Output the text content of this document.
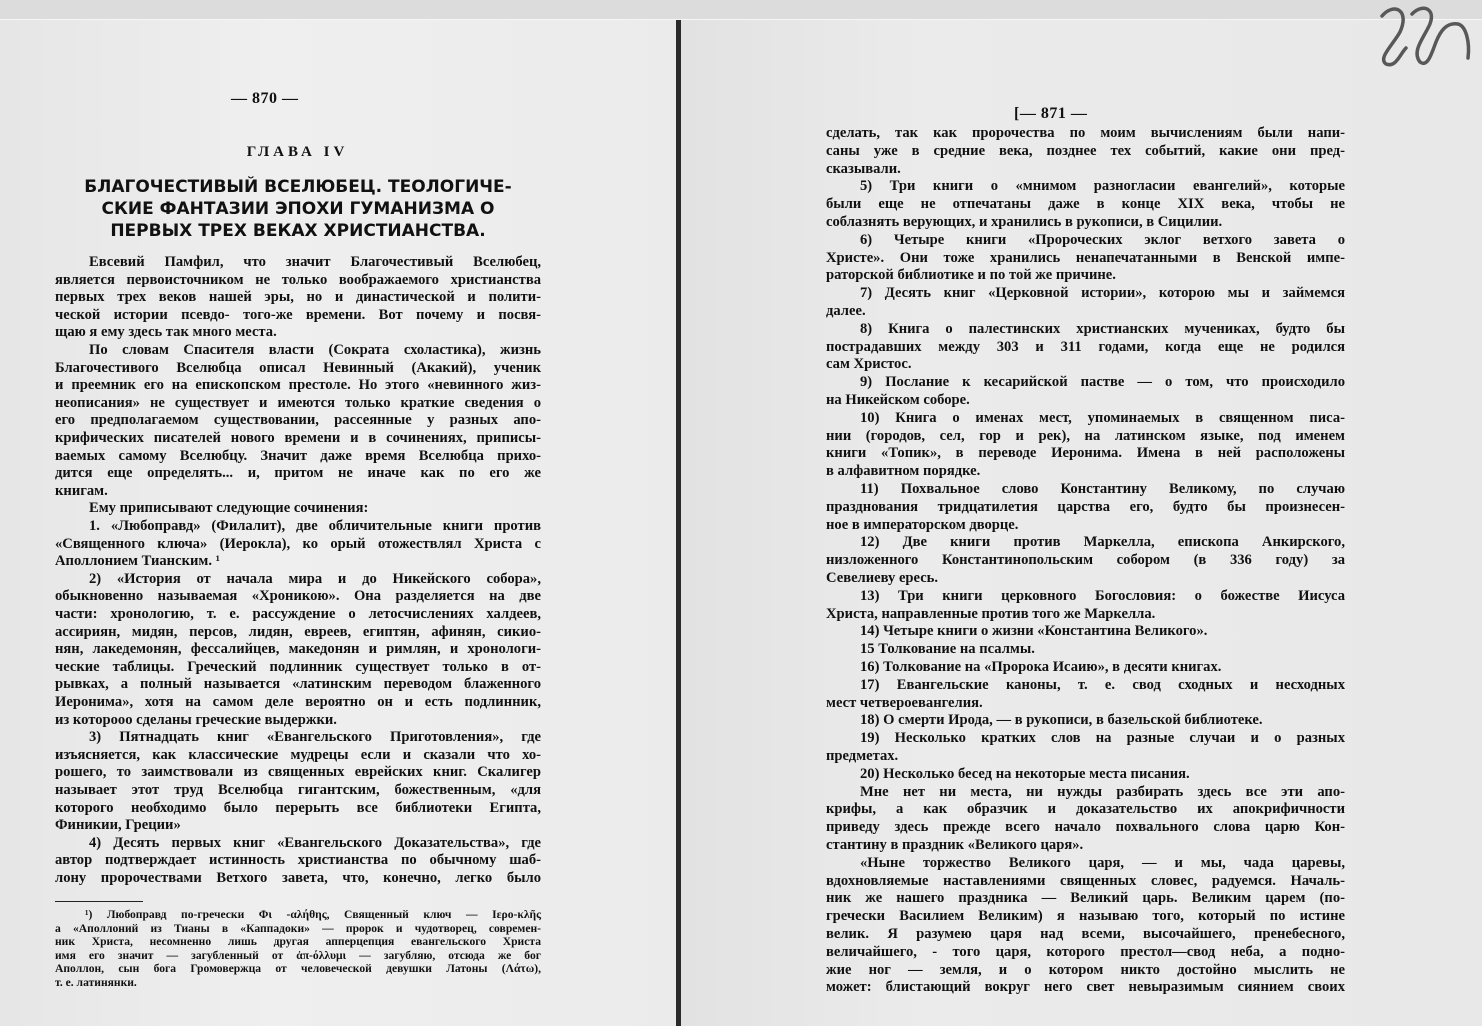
— 870 —
ГЛАВА IV
БЛАГОЧЕСТИВЫЙ ВСЕЛЮБЕЦ. ТЕОЛОГИЧЕ-
СКИЕ ФАНТАЗИИ ЭПОХИ ГУМАНИЗМА О
ПЕРВЫХ ТРЕХ ВЕКАХ ХРИСТИАНСТВА.
Евсевий Памфил, что значит Благочестивый Вселюбец,
является первоисточником не только воображаемого христианства
первых трех веков нашей эры, но и династической и полити-
ческой истории псевдо- того-же времени. Вот почему и посвя-
щаю я ему здесь так много места.
По словам Спасителя власти (Сократа схоластика), жизнь
Благочестивого Вселюбца описал Невинный (Акакий), ученик
и преемник его на епископском престоле. Но этого «невинного жиз-
неописания» не существует и имеются только краткие сведения о
его предполагаемом существовании, рассеянные у разных апо-
крифических писателей нового времени и в сочинениях, приписы-
ваемых самому Вселюбцу. Значит даже время Вселюбца прихо-
дится еще определять... и, притом не иначе как по его же
книгам.
Ему приписывают следующие сочинения:
1. «Любоправд» (Филалит), две обличительные книги против
«Священного ключа» (Иерокла), ко орый отожествлял Христа с
Аполлонием Тианским. ¹
2) «История от начала мира и до Никейского собора»,
обыкновенно называемая «Хроникою». Она разделяется на две
части: хронологию, т. е. рассуждение о летосчислениях халдеев,
ассириян, мидян, персов, лидян, евреев, египтян, афинян, сикио-
нян, лакедемонян, фессалийцев, македонян и римлян, и хронологи-
ческие таблицы. Греческий подлинник существует только в от-
рывках, а полный называется «латинским переводом блаженного
Иеронима», хотя на самом деле вероятно он и есть подлинник,
из котороoo сделаны греческие выдержки.
3) Пятнадцать книг «Евангельского Приготовления», где
изъясняется, как классические мудрецы если и сказали что хо-
рошего, то заимствовали из священных еврейских книг. Скалигер
называет этот труд Вселюбца гигантским, божественным, «для
которого необходимо было перерыть все библиотеки Египта,
Финикии, Греции»
4) Десять первых книг «Евангельского Доказательства», где
автор подтверждает истинность христианства по обычному шаб-
лону пророчествами Ветхого завета, что, конечно, легко было
¹) Любоправд по-гречески Φι -αλήθης, Священный ключ — Ιερο-κλῆς
а «Аполлоний из Тианы в «Каппадоки» — пророк и чудотворец, современ-
ник Христа, несомненно лишь другая апперцепция евангельского Христа
имя его значит — загубленный от ἀπ-όλλυμι — загубляю, отсюда же бог
Аполлон, сын бога Громовержца от человеческой девушки Латоны (Λάτω),
т. е. латинянки.
[— 871 —
сделать, так как пророчества по моим вычислениям были напи-
саны уже в средние века, позднее тех событий, какие они пред-
сказывали.
5) Три книги о «мнимом разногласии евангелий», которые
были еще не отпечатаны даже в конце XIX века, чтобы не
соблазнять верующих, и хранились в рукописи, в Сицилии.
6) Четыре книги «Пророческих эклог ветхого завета о
Христе». Они тоже хранились ненапечатанными в Венской импе-
раторской библиотике и по той же причине.
7) Десять книг «Церковной истории», которою мы и займемся
далее.
8) Книга о палестинских христианских мучениках, будто бы
пострадавших между 303 и 311 годами, когда еще не родился
сам Христос.
9) Послание к кесарийской пастве — о том, что происходило
на Никейском соборе.
10) Книга о именах мест, упоминаемых в священном писа-
нии (городов, сел, гор и рек), на латинском языке, под именем
книги «Топик», в переводе Иеронима. Имена в ней расположены
в алфавитном порядке.
11) Похвальное слово Константину Великому, по случаю
празднования тридцатилетия царства его, будто бы произнесен-
ное в императорском дворце.
12) Две книги против Маркелла, епископа Анкирского,
низложенного Константинопольским собором (в 336 году) за
Севелиеву ересь.
13) Три книги церковного Богословия: о божестве Иисуса
Христа, направленные против того же Маркелла.
14) Четыре книги о жизни «Константина Великого».
15 Толкование на псалмы.
16) Толкование на «Пророка Исаию», в десяти книгах.
17) Евангельские каноны, т. е. свод сходных и несходных
мест четвероевангелия.
18) О смерти Ирода, — в рукописи, в базельской библиотеке.
19) Несколько кратких слов на разные случаи и о разных
предметах.
20) Несколько бесед на некоторые места писания.
Мне нет ни места, ни нужды разбирать здесь все эти апо-
крифы, а как образчик и доказательство их апокрифичности
приведу здесь прежде всего начало похвального слова царю Кон-
стантину в праздник «Великого царя».
«Ныне торжество Великого царя, — и мы, чада царевы,
вдохновляемые наставлениями священных словес, радуемся. Началь-
ник же нашего праздника — Великий царь. Великим царем (по-
гречески Василием Великим) я называю того, который по истине
велик. Я разумею царя над всеми, высочайшего, пренебесного,
величайшего, - того царя, которого престол—свод неба, а подно-
жие ног — земля, и о котором никто достойно мыслить не
может: блистающий вокруг него свет невыразимым сиянием своих
